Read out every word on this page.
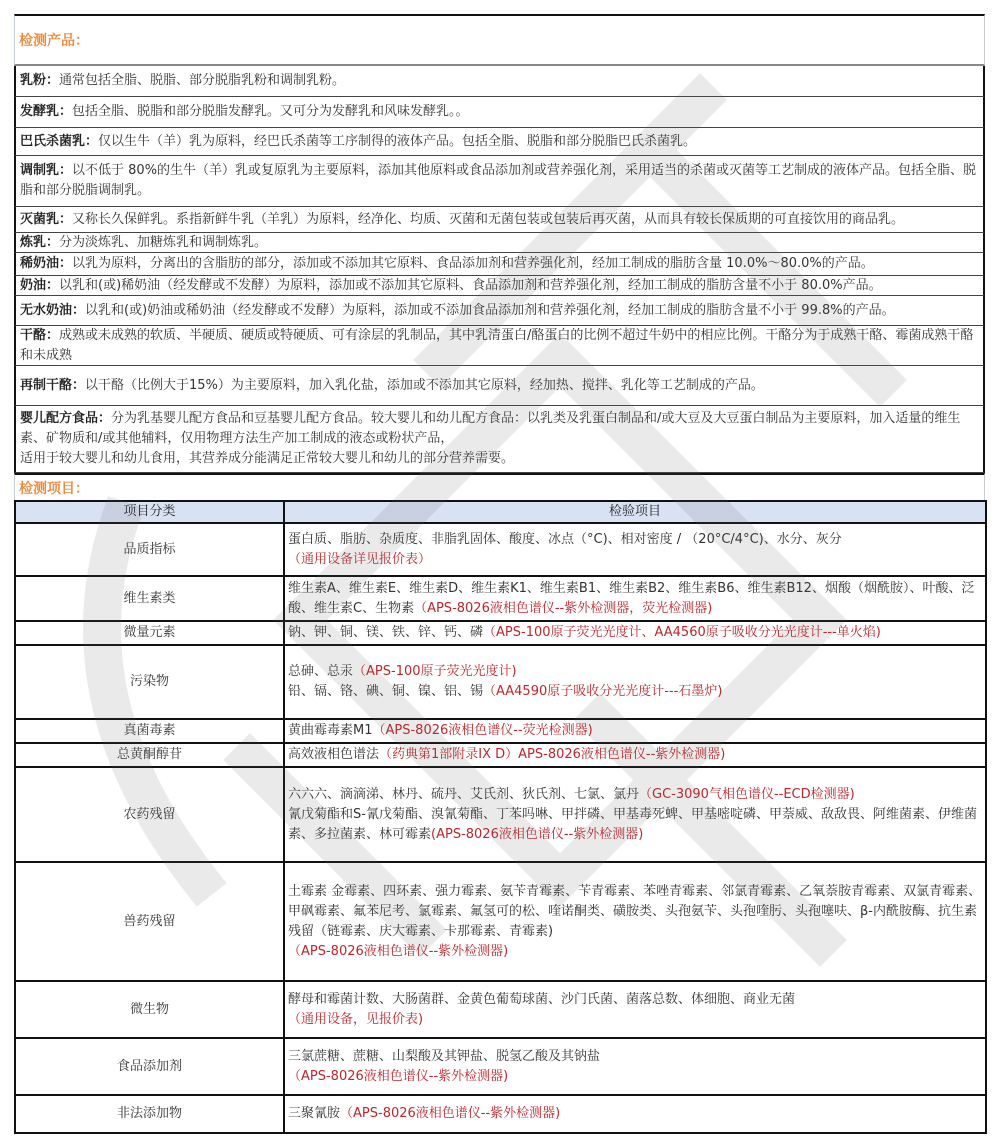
检测产品：
乳粉：通常包括全脂、脱脂、部分脱脂乳粉和调制乳粉。
发酵乳：包括全脂、脱脂和部分脱脂发酵乳。又可分为发酵乳和风味发酵乳。。
巴氏杀菌乳：仅以生牛（羊）乳为原料，经巴氏杀菌等工序制得的液体产品。包括全脂、脱脂和部分脱脂巴氏杀菌乳。
调制乳：以不低于 80%的生牛（羊）乳或复原乳为主要原料，添加其他原料或食品添加剂或营养强化剂，采用适当的杀菌或灭菌等工艺制成的液体产品。包括全脂、脱脂和部分脱脂调制乳。
灭菌乳：又称长久保鲜乳。系指新鲜牛乳（羊乳）为原料，经净化、均质、灭菌和无菌包装或包装后再灭菌，从而具有较长保质期的可直接饮用的商品乳。
炼乳：分为淡炼乳、加糖炼乳和调制炼乳。
稀奶油：以乳为原料，分离出的含脂肪的部分，添加或不添加其它原料、食品添加剂和营养强化剂，经加工制成的脂肪含量 10.0%～80.0%的产品。
奶油：以乳和(或)稀奶油（经发酵或不发酵）为原料，添加或不添加其它原料、食品添加剂和营养强化剂，经加工制成的脂肪含量不小于 80.0%产品。
无水奶油：以乳和(或)奶油或稀奶油（经发酵或不发酵）为原料，添加或不添加食品添加剂和营养强化剂，经加工制成的脂肪含量不小于 99.8%的产品。
干酪：成熟或未成熟的软质、半硬质、硬质或特硬质、可有涂层的乳制品，其中乳清蛋白/酪蛋白的比例不超过牛奶中的相应比例。干酪分为于成熟干酪、霉菌成熟干酪和未成熟
再制干酪：以干酪（比例大于15%）为主要原料，加入乳化盐，添加或不添加其它原料，经加热、搅拌、乳化等工艺制成的产品。
婴儿配方食品：分为乳基婴儿配方食品和豆基婴儿配方食品。较大婴儿和幼儿配方食品：以乳类及乳蛋白制品和/或大豆及大豆蛋白制品为主要原料，加入适量的维生素、矿物质和/或其他辅料，仅用物理方法生产加工制成的液态或粉状产品，
适用于较大婴儿和幼儿食用，其营养成分能满足正常较大婴儿和幼儿的部分营养需要。
检测项目：
项目分类	检验项目
品质指标	蛋白质、脂肪、杂质度、非脂乳固体、酸度、冰点（°C)、相对密度 / （20°C/4°C)、水分、灰分
（通用设备详见报价表）

维生素类	维生素A、维生素E、维生素D、维生素K1、维生素B1、维生素B2、维生素B6、维生素B12、烟酸（烟酰胺）、叶酸、泛酸、维生素C、生物素（APS-8026液相色谱仪--紫外检测器，荧光检测器)

微量元素	钠、钾、铜、镁、铁、锌、钙、磷（APS-100原子荧光光度计、AA4560原子吸收分光光度计---单火焰)

污染物	总砷、总汞（APS-100原子荧光光度计)
铅、镉、铬、碘、铜、镍、铝、锡（AA4590原子吸收分光光度计---石墨炉)

真菌毒素	黄曲霉毒素M1（APS-8026液相色谱仪--荧光检测器)

总黄酮醇苷	高效液相色谱法（药典第1部附录IX D）APS-8026液相色谱仪--紫外检测器)

农药残留	六六六、滴滴涕、林丹、硫丹、艾氏剂、狄氏剂、七氯、氯丹（GC-3090气相色谱仪--ECD检测器)
氰戊菊酯和S-氰戊菊酯、溴氰菊酯、丁苯吗啉、甲拌磷、甲基毒死蜱、甲基嘧啶磷、甲萘威、敌敌畏、阿维菌素、伊维菌素、多拉菌素、林可霉素(APS-8026液相色谱仪--紫外检测器)

兽药残留	土霉素 金霉素、四环素、强力霉素、氨苄青霉素、苄青霉素、苯唑青霉素、邻氯青霉素、乙氧萘胺青霉素、双氯青霉素、甲砜霉素、氟苯尼考、氯霉素、氟氢可的松、喹诺酮类、磺胺类、头孢氨苄、头孢喹肟、头孢噻呋、β-内酰胺酶、抗生素残留（链霉素、庆大霉素、卡那霉素、青霉素)
（APS-8026液相色谱仪--紫外检测器)

微生物	酵母和霉菌计数、大肠菌群、金黄色葡萄球菌、沙门氏菌、菌落总数、体细胞、商业无菌
（通用设备，见报价表)

食品添加剂	三氯蔗糖、蔗糖、山梨酸及其钾盐、脱氢乙酸及其钠盐
（APS-8026液相色谱仪--紫外检测器)

非法添加物	三聚氰胺（APS-8026液相色谱仪--紫外检测器)
